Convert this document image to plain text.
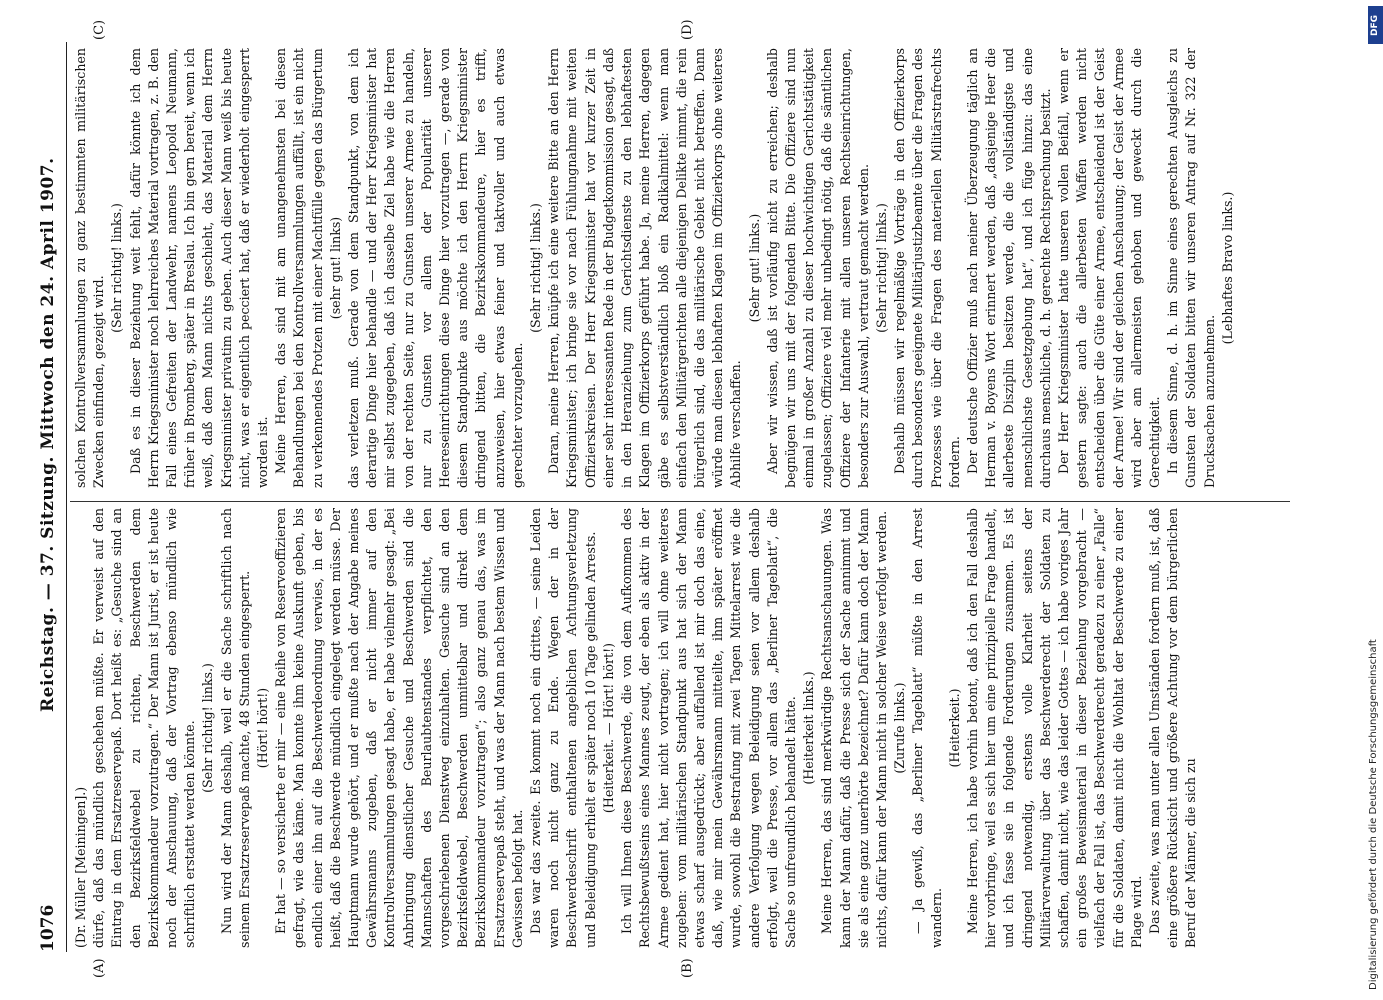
1076
Reichstag. — 37. Sitzung. Mittwoch den 24. April 1907.
(A)	(B)
(C)	(D)

(Dr. Müller [Meiningen].) dürfe, daß das mündlich geschehen müßte. Er verweist auf den Eintrag in dem Ersatzreservepaß. Dort heißt es: „Gesuche sind an den Bezirksfeldwebel zu richten, Beschwerden dem Bezirkskommandeur vorzutragen.“ Der Mann ist Jurist, er ist heute noch der Anschauung, daß der Vortrag ebenso mündlich wie schriftlich erstattet werden könnte. (Sehr richtig! links.) Nun wird der Mann deshalb, weil er die Sache schriftlich nach seinem Ersatzreservepaß machte, 48 Stunden eingesperrt. (Hört! hört!) Er hat — so versicherte er mir — eine Reihe von Reserveoffizieren gefragt, wie das käme. Man konnte ihm keine Auskunft geben, bis endlich einer ihn auf die Beschwerdeordnung verwies, in der es heißt, daß die Beschwerde mündlich eingelegt werden müsse. Der Hauptmann wurde gehört, und er mußte nach der Angabe meines Gewährsmanns zugeben, daß er nicht immer auf den Kontrollversammlungen gesagt habe, er habe vielmehr gesagt: „Bei Anbringung dienstlicher Gesuche und Beschwerden sind die Mannschaften des Beurlaubtenstandes verpflichtet, den vorgeschriebenen Dienstweg einzuhalten. Gesuche sind an den Bezirksfeldwebel, Beschwerden unmittelbar und direkt dem Bezirkskommandeur vorzutragen“; also ganz genau das, was im Ersatzreservepaß steht, und was der Mann nach bestem Wissen und Gewissen befolgt hat. Das war das zweite. Es kommt noch ein drittes, — seine Leiden waren noch nicht ganz zu Ende. Wegen der in der Beschwerdeschrift enthaltenen angeblichen Achtungsverletzung und Beleidigung erhielt er später noch 10 Tage gelinden Arrests. (Heiterkeit. — Hört! hört!) Ich will Ihnen diese Beschwerde, die von dem Aufkommen des Rechtsbewußtseins eines Mannes zeugt, der eben als aktiv in der Armee gedient hat, hier nicht vortragen; ich will ohne weiteres zugeben: vom militärischen Standpunkt aus hat sich der Mann etwas scharf ausgedrückt; aber auffallend ist mir doch das eine, daß, wie mir mein Gewährsmann mitteilte, ihm später eröffnet wurde, sowohl die Bestrafung mit zwei Tagen Mittelarrest wie die andere Verfolgung wegen Beleidigung seien vor allem deshalb erfolgt, weil die Presse, vor allem das „Berliner Tageblatt“, die Sache so unfreundlich behandelt hätte. (Heiterkeit links.) Meine Herren, das sind merkwürdige Rechtsanschauungen. Was kann der Mann dafür, daß die Presse sich der Sache annimmt und sie als eine ganz unerhörte bezeichnet? Dafür kann doch der Mann nichts, dafür kann der Mann nicht in solcher Weise verfolgt werden. (Zurufe links.) — Ja gewiß, das „Berliner Tageblatt“ müßte in den Arrest wandern.

(Heiterkeit.) Meine Herren, ich habe vorhin betont, daß ich den Fall deshalb hier vorbringe, weil es sich hier um eine prinzipielle Frage handelt, und ich fasse sie in folgende Forderungen zusammen. Es ist dringend notwendig, erstens volle Klarheit seitens der Militärverwaltung über das Beschwerderecht der Soldaten zu schaffen, damit nicht, wie das leider Gottes — ich habe voriges Jahr ein großes Beweismaterial in dieser Beziehung vorgebracht — vielfach der Fall ist, das Beschwerderecht geradezu zu einer „Falle“ für die Soldaten, damit nicht die Wohltat der Beschwerde zu einer Plage wird. Das zweite, was man unter allen Umständen fordern muß, ist, daß eine größere Rücksicht und größere Achtung vor dem bürgerlichen Beruf der Männer, die sich zu

solchen Kontrollversammlungen zu ganz bestimmten militärischen Zwecken einfinden, gezeigt wird.

(Sehr richtig! links.) Daß es in dieser Beziehung weit fehlt, dafür könnte ich dem Herrn Kriegsminister noch lehrreiches Material vortragen, z. B. den Fall eines Gefreiten der Landwehr, namens Leopold Neumann, früher in Bromberg, später in Breslau. Ich bin gern bereit, wenn ich weiß, daß dem Mann nichts geschieht, das Material dem Herrn Kriegsminister privatim zu geben. Auch dieser Mann weiß bis heute nicht, was er eigentlich pecciert hat, daß er wiederholt eingesperrt worden ist. Meine Herren, das sind mit am unangenehmsten bei diesen Behandlungen bei den Kontrollversammlungen auffällt, ist ein nicht zu verkennendes Protzen mit einer Machtfülle gegen das Bürgertum (sehr gut! links) das verletzen muß. Gerade von dem Standpunkt, von dem ich derartige Dinge hier behandle — und der Herr Kriegsminister hat mir selbst zugegeben, daß ich dasselbe Ziel habe wie die Herren von der rechten Seite, nur zu Gunsten unserer Armee zu handeln, nur zu Gunsten vor allem der Popularität unserer Heereseinrichtungen diese Dinge hier vorzutragen —, gerade von diesem Standpunkte aus möchte ich den Herrn Kriegsminister dringend bitten, die Bezirkskommandeure, hier es trifft, anzuweisen, hier etwas feiner und taktvoller und auch etwas gerechter vorzugehen.

(Sehr richtig! links.) Daran, meine Herren, knüpfe ich eine weitere Bitte an den Herrn Kriegsminister; ich bringe sie vor nach Fühlungnahme mit weiten Offizierskreisen. Der Herr Kriegsminister hat vor kurzer Zeit in einer sehr interessanten Rede in der Budgetkommission gesagt, daß in den Heranziehung zum Gerichtsdienste zu den lebhaftesten Klagen im Offizierkorps geführt habe. Ja, meine Herren, dagegen gäbe es selbstverständlich bloß ein Radikalmittel: wenn man einfach den Militärgerichten alle diejenigen Delikte nimmt, die rein bürgerlich sind, die das militärische Gebiet nicht betreffen. Dann würde man diesen lebhaften Klagen im Offizierkorps ohne weiteres Abhilfe verschaffen.

(Sehr gut! links.) Aber wir wissen, daß ist vorläufig nicht zu erreichen; deshalb begnügen wir uns mit der folgenden Bitte. Die Offiziere sind nun einmal in großer Anzahl zu dieser hochwichtigen Gerichtstätigkeit zugelassen; Offiziere viel mehr unbedingt nötig, daß die sämtlichen Offiziere der Infanterie mit allen unseren Rechtseinrichtungen, besonders zur Auswahl, vertraut gemacht werden. (Sehr richtig! links.) Deshalb müssen wir regelmäßige Vorträge in den Offizierkorps durch besonders geeignete Militärjustizbeamte über die Fragen des Prozesses wie über die Fragen des materiellen Militärstrafrechts fordern. Der deutsche Offizier muß nach meiner Überzeugung täglich an Herman v. Boyens Wort erinnert werden, daß „dasjenige Heer die allerbeste Disziplin besitzen werde, die die vollständigste und menschlichste Gesetzgebung hat“, und ich füge hinzu: das eine durchaus menschliche, d. h. gerechte Rechtsprechung besitzt. Der Herr Kriegsminister hatte unseren vollen Beifall, wenn er gestern sagte: auch die allerbesten Waffen werden nicht entscheiden über die Güte einer Armee, entscheidend ist der Geist der Armee! Wir sind der gleichen Anschauung; der Geist der Armee wird aber am allermeisten gehoben und geweckt durch die Gerechtigkeit. In diesem Sinne, d. h. im Sinne eines gerechten Ausgleichs zu Gunsten der Soldaten bitten wir unseren Antrag auf Nr. 322 der Drucksachen anzunehmen.

(Lebhaftes Bravo links.)

DFG
Digitalisierung gefördert durch die Deutsche Forschungsgemeinschaft
